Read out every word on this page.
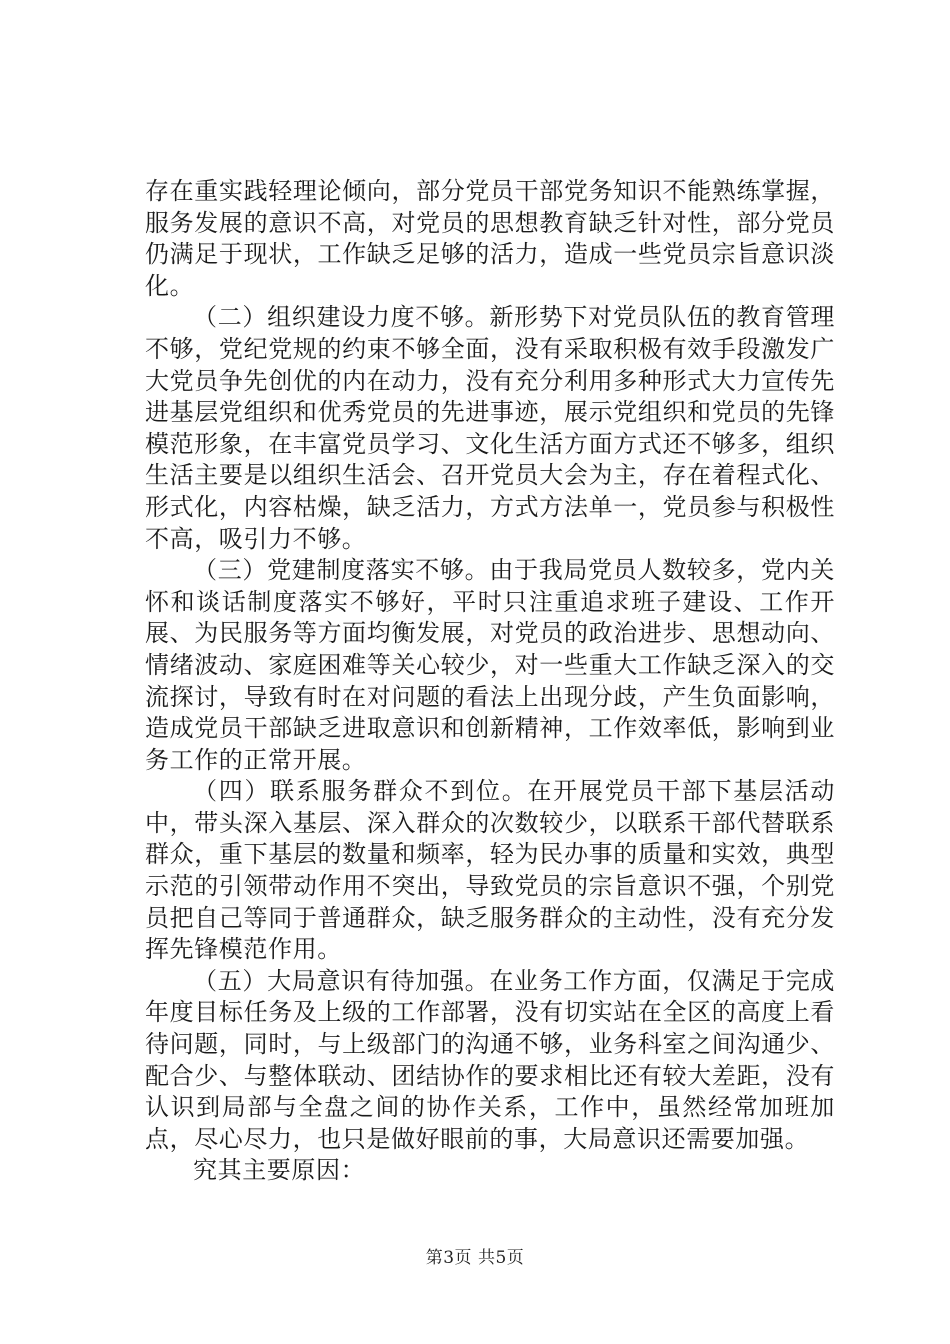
存在重实践轻理论倾向，部分党员干部党务知识不能熟练掌握，服务发展的意识不高，对党员的思想教育缺乏针对性，部分党员仍满足于现状，工作缺乏足够的活力，造成一些党员宗旨意识淡化。

（二）组织建设力度不够。新形势下对党员队伍的教育管理不够，党纪党规的约束不够全面，没有采取积极有效手段激发广大党员争先创优的内在动力，没有充分利用多种形式大力宣传先进基层党组织和优秀党员的先进事迹，展示党组织和党员的先锋模范形象，在丰富党员学习、文化生活方面方式还不够多，组织生活主要是以组织生活会、召开党员大会为主，存在着程式化、形式化，内容枯燥，缺乏活力，方式方法单一，党员参与积极性不高，吸引力不够。

（三）党建制度落实不够。由于我局党员人数较多，党内关怀和谈话制度落实不够好，平时只注重追求班子建设、工作开展、为民服务等方面均衡发展，对党员的政治进步、思想动向、情绪波动、家庭困难等关心较少，对一些重大工作缺乏深入的交流探讨，导致有时在对问题的看法上出现分歧，产生负面影响，造成党员干部缺乏进取意识和创新精神，工作效率低，影响到业务工作的正常开展。

（四）联系服务群众不到位。在开展党员干部下基层活动中，带头深入基层、深入群众的次数较少，以联系干部代替联系群众，重下基层的数量和频率，轻为民办事的质量和实效，典型示范的引领带动作用不突出，导致党员的宗旨意识不强，个别党员把自己等同于普通群众，缺乏服务群众的主动性，没有充分发挥先锋模范作用。

（五）大局意识有待加强。在业务工作方面，仅满足于完成年度目标任务及上级的工作部署，没有切实站在全区的高度上看待问题，同时，与上级部门的沟通不够，业务科室之间沟通少、配合少、与整体联动、团结协作的要求相比还有较大差距，没有认识到局部与全盘之间的协作关系，工作中，虽然经常加班加点，尽心尽力，也只是做好眼前的事，大局意识还需要加强。

究其主要原因：

第3页 共5页
